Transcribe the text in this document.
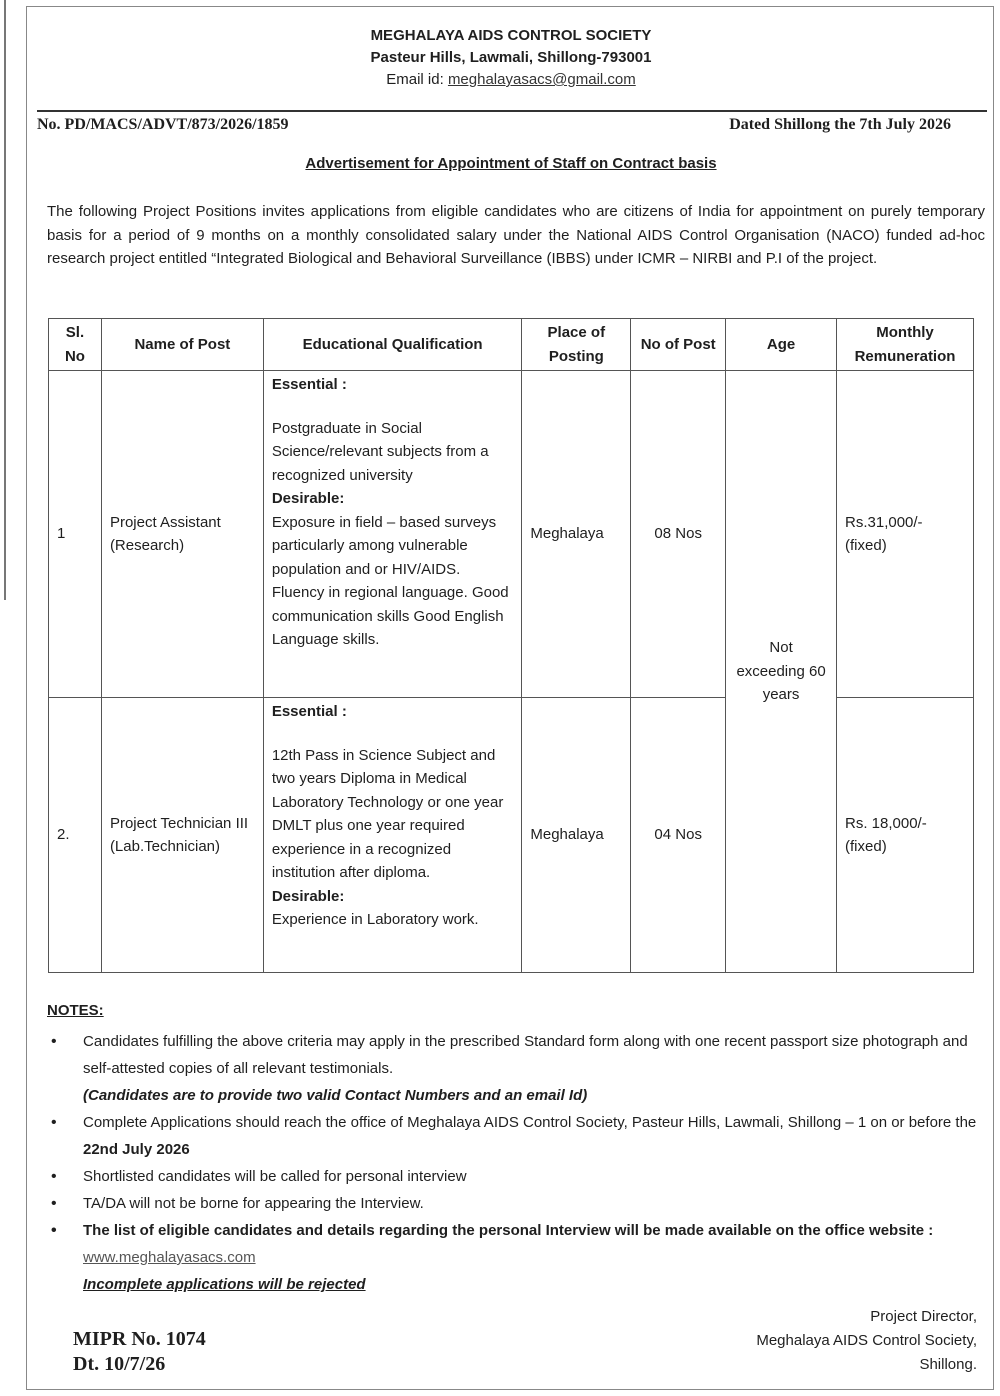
MEGHALAYA AIDS CONTROL SOCIETY
Pasteur Hills, Lawmali, Shillong-793001
Email id: meghalayasacs@gmail.com
No. PD/MACS/ADVT/873/2026/1859	Dated Shillong the 7th July 2026
Advertisement for Appointment of Staff on Contract basis
The following Project Positions invites applications from eligible candidates who are citizens of India for appointment on purely temporary basis for a period of 9 months on a monthly consolidated salary under the National AIDS Control Organisation (NACO) funded ad-hoc research project entitled “Integrated Biological and Behavioral Surveillance (IBBS) under ICMR – NIRBI and P.I of the project.
Sl. No	Name of Post	Educational Qualification	Place of Posting	No of Post	Age	Monthly Remuneration
1	Project Assistant (Research)	Essential :
Postgraduate in Social Science/relevant subjects from a recognized university
Desirable:
Exposure in field – based surveys particularly among vulnerable population and or HIV/AIDS. Fluency in regional language. Good communication skills Good English Language skills.	Meghalaya	08 Nos	Not exceeding 60 years	Rs.31,000/- (fixed)
2.	Project Technician III (Lab.Technician)	Essential :
12th Pass in Science Subject and two years Diploma in Medical Laboratory Technology or one year DMLT plus one year required experience in a recognized institution after diploma.
Desirable:
Experience in Laboratory work.	Meghalaya	04 Nos		Rs. 18,000/- (fixed)
NOTES:
• Candidates fulfilling the above criteria may apply in the prescribed Standard form along with one recent passport size photograph and self-attested copies of all relevant testimonials.
(Candidates are to provide two valid Contact Numbers and an email Id)
• Complete Applications should reach the office of Meghalaya AIDS Control Society, Pasteur Hills, Lawmali, Shillong – 1 on or before the 22nd July 2026
• Shortlisted candidates will be called for personal interview
• TA/DA will not be borne for appearing the Interview.
• The list of eligible candidates and details regarding the personal Interview will be made available on the office website : www.meghalayasacs.com
Incomplete applications will be rejected
MIPR No. 1074
Dt. 10/7/26
Project Director,
Meghalaya AIDS Control Society,
Shillong.
